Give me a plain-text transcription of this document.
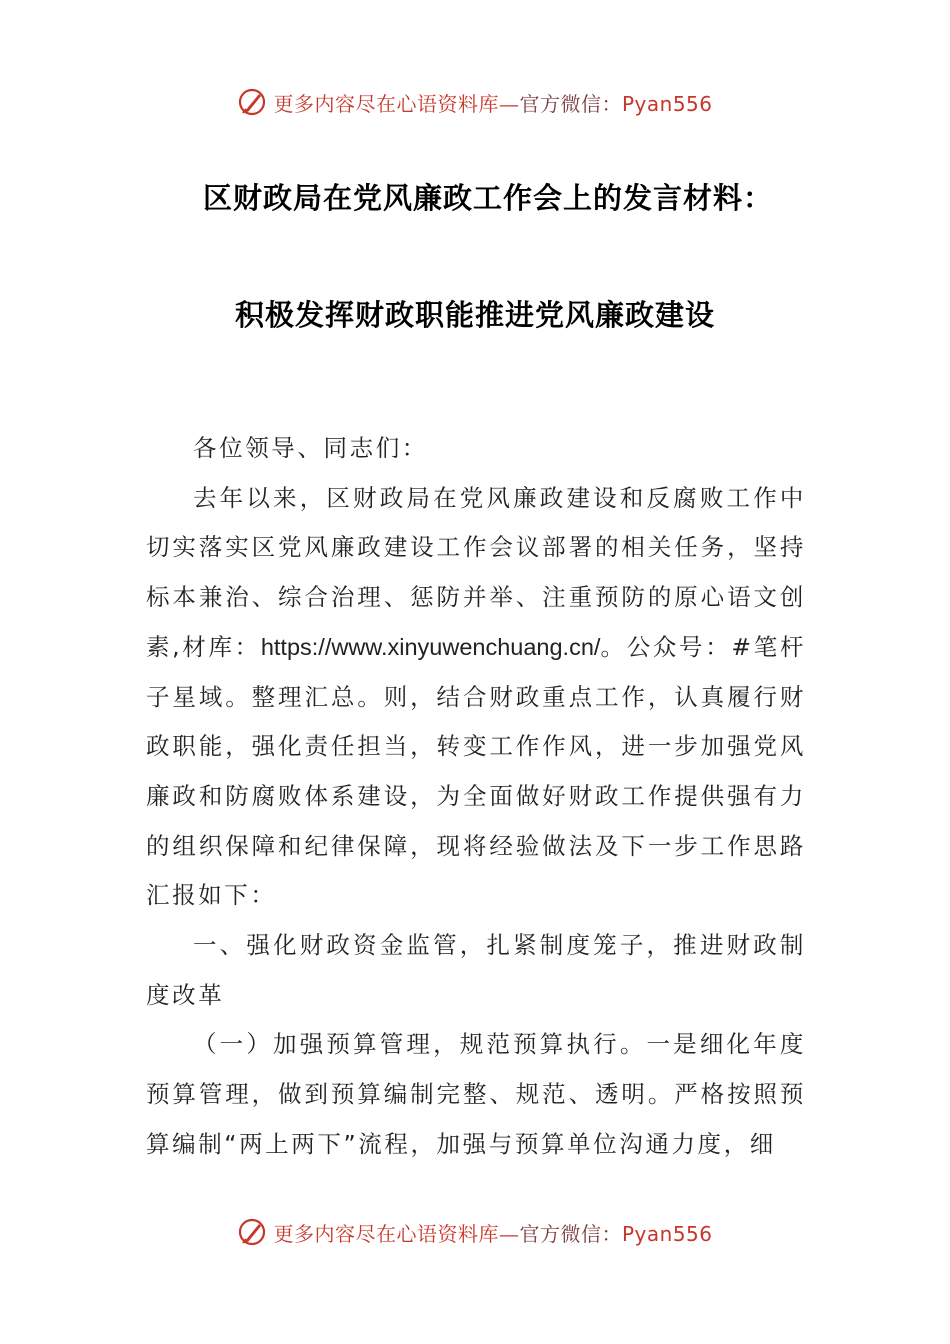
更多内容尽在心语资料库—官方微信：Pyan556
区财政局在党风廉政工作会上的发言材料：
积极发挥财政职能推进党风廉政建设

各位领导、同志们：

去年以来，区财政局在党风廉政建设和反腐败工作中切实落实区党风廉政建设工作会议部署的相关任务，坚持标本兼治、综合治理、惩防并举、注重预防的原心语文创素,材库：https://www.xinyuwenchuang.cn/。公众号：#笔杆子星域。整理汇总。则，结合财政重点工作，认真履行财政职能，强化责任担当，转变工作作风，进一步加强党风廉政和防腐败体系建设，为全面做好财政工作提供强有力的组织保障和纪律保障，现将经验做法及下一步工作思路汇报如下：

一、强化财政资金监管，扎紧制度笼子，推进财政制度改革

（一）加强预算管理，规范预算执行。一是细化年度预算管理，做到预算编制完整、规范、透明。严格按照预算编制“两上两下”流程，加强与预算单位沟通力度，细

更多内容尽在心语资料库—官方微信：Pyan556
